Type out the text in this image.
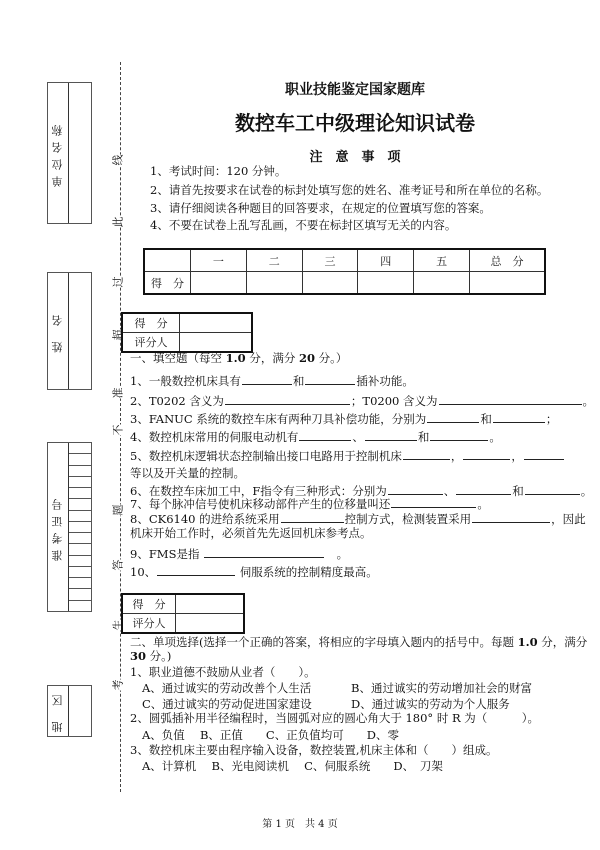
单位名称
姓 名
准考证号
地 区
线
此
过
超
准
不
题
答
生
考
职业技能鉴定国家题库
数控车工中级理论知识试卷
注　意　事　项
1、考试时间：120 分钟。
2、请首先按要求在试卷的标封处填写您的姓名、准考证号和所在单位的名称。
3、请仔细阅读各种题目的回答要求，在规定的位置填写您的答案。
4、不要在试卷上乱写乱画，不要在标封区填写无关的内容。
	一	二	三	四	五	总　分
得　分						
得　分	
评分人	
一、填空题（每空 1.0 分，满分 20 分。）
1、一般数控机床具有	和	插补功能。
2、T0202 含义为	；T0200 含义为	。
3、FANUC 系统的数控车床有两种刀具补偿功能，分别为	和	；
4、数控机床常用的伺服电动机有	、	和	。
5、数控机床逻辑状态控制输出接口电路用于控制机床	，	，
等以及开关量的控制。
6、在数控车床加工中，F指令有三种形式：分别为	、	和	。
7、每个脉冲信号使机床移动部件产生的位移量叫还	。
8、CK6140 的进给系统采用	控制方式，检测装置采用	，因此
机床开始工作时，必须首先先返回机床参考点。
9、FMS是指 　	。
10、	伺服系统的控制精度最高。
得　分	
评分人	
二、单项选择(选择一个正确的答案，将相应的字母填入题内的括号中。每题 1.0 分，满分
30 分。)
1、职业道德不鼓励从业者（　　）。
A、通过诚实的劳动改善个人生活	B、通过诚实的劳动增加社会的财富
C、通过诚实的劳动促进国家建设	D、通过诚实的劳动为个人服务
2、圆弧插补用半径编程时，当圆弧对应的圆心角大于 180° 时 R 为（　　　）。
A、负值　 B、正值　　 C、正负值均可　　 D、零
3、数控机床主要由程序输入设备，数控装置,机床主体和（　　）组成。
A、计算机　 B、光电阅读机　 C、伺服系统　　 D、　刀架
第 1 页　共 4 页
